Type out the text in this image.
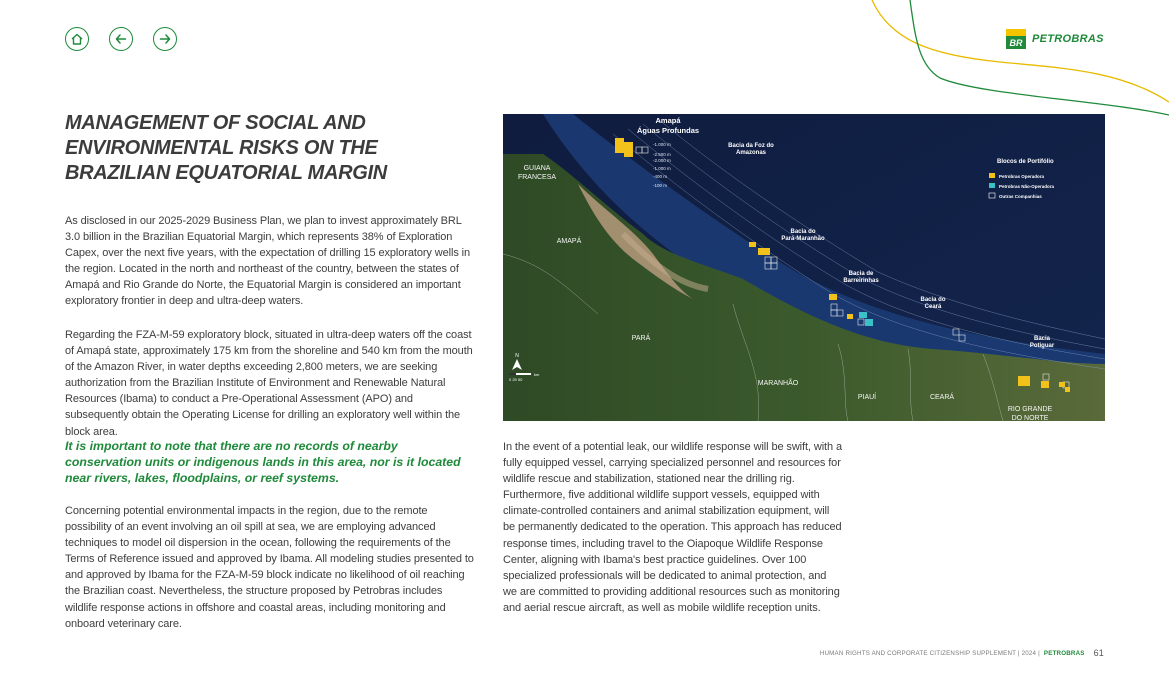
BR PETROBRAS
MANAGEMENT OF SOCIAL AND ENVIRONMENTAL RISKS ON THE BRAZILIAN EQUATORIAL MARGIN

As disclosed in our 2025-2029 Business Plan, we plan to invest approximately BRL 3.0 billion in the Brazilian Equatorial Margin, which represents 38% of Exploration Capex, over the next five years, with the expectation of drilling 15 exploratory wells in the region. Located in the north and northeast of the country, between the states of Amapá and Rio Grande do Norte, the Equatorial Margin is considered an important exploratory frontier in deep and ultra-deep waters.

Regarding the FZA-M-59 exploratory block, situated in ultra-deep waters off the coast of Amapá state, approximately 175 km from the shoreline and 540 km from the mouth of the Amazon River, in water depths exceeding 2,800 meters, we are seeking authorization from the Brazilian Institute of Environment and Renewable Natural Resources (Ibama) to conduct a Pre-Operational Assessment (APO) and subsequently obtain the Operating License for drilling an exploratory well within the block area.

It is important to note that there are no records of nearby conservation units or indigenous lands in this area, nor is it located near rivers, lakes, floodplains, or reef systems.

Concerning potential environmental impacts in the region, due to the remote possibility of an event involving an oil spill at sea, we are employing advanced techniques to model oil dispersion in the ocean, following the requirements of the Terms of Reference issued and approved by Ibama. All modeling studies presented to and approved by Ibama for the FZA-M-59 block indicate no likelihood of oil reaching the Brazilian coast. Nevertheless, the structure proposed by Petrobras includes wildlife response actions in offshore and coastal areas, including monitoring and onboard veterinary care.

In the event of a potential leak, our wildlife response will be swift, with a fully equipped vessel, carrying specialized personnel and resources for wildlife rescue and stabilization, stationed near the drilling rig. Furthermore, five additional wildlife support vessels, equipped with climate-controlled containers and animal stabilization equipment, will be permanently dedicated to the operation. This approach has reduced response times, including travel to the Oiapoque Wildlife Response Center, aligning with Ibama's best practice guidelines. Over 100 specialized professionals will be dedicated to animal protection, and we are committed to providing additional resources such as monitoring and aerial rescue aircraft, as well as mobile wildlife reception units.

Amapá Águas Profundas
Bacia da Foz do Amazonas
Bacia do Pará-Maranhão
Bacia de Barreirinhas
Bacia do Ceará
Bacia Potiguar
GUIANA FRANCESA
AMAPÁ
PARÁ
MARANHÃO
PIAUÍ	CEARÁ
RIO GRANDE DO NORTE
-1.000 m
-2.500 m
-2.000 m
-1.000 m
-400 m
-100 m
Blocos de Portifólio
Petrobras Operadora
Petrobras Não-Operadora
Outras Companhias
N
0 25 50
km
HUMAN RIGHTS AND CORPORATE CITIZENSHIP SUPPLEMENT | 2024 | PETROBRAS 61
